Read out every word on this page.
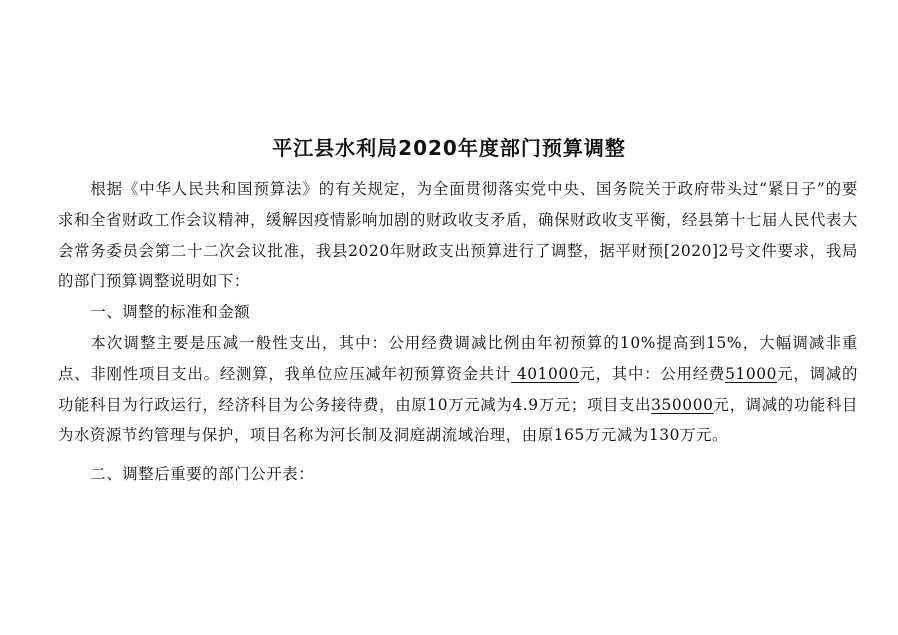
平江县水利局2020年度部门预算调整

根据《中华人民共和国预算法》的有关规定，为全面贯彻落实党中央、国务院关于政府带头过“紧日子”的要求和全省财政工作会议精神，缓解因疫情影响加剧的财政收支矛盾，确保财政收支平衡，经县第十七届人民代表大会常务委员会第二十二次会议批准，我县2020年财政支出预算进行了调整，据平财预[2020]2号文件要求，我局的部门预算调整说明如下：

一、调整的标准和金额

本次调整主要是压减一般性支出，其中：公用经费调减比例由年初预算的10%提高到15%，大幅调减非重点、非刚性项目支出。经测算，我单位应压减年初预算资金共计 401000元，其中：公用经费51000元，调减的功能科目为行政运行，经济科目为公务接待费，由原10万元减为4.9万元；项目支出350000元，调减的功能科目为水资源节约管理与保护，项目名称为河长制及洞庭湖流域治理，由原165万元减为130万元。

二、调整后重要的部门公开表：
